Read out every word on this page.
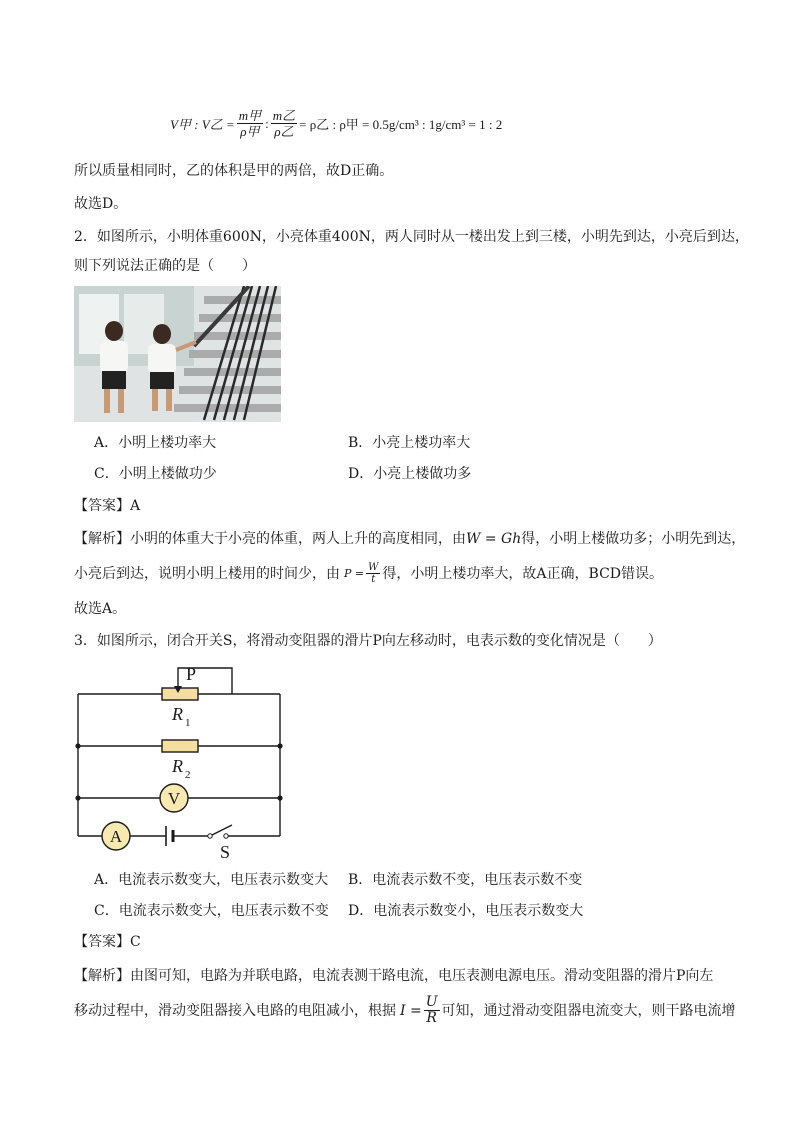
V甲 : V乙 = $\frac{\text{m甲}}{\text{ρ甲}}$ : $\frac{\text{m乙}}{\text{ρ乙}} = \rho$乙 : ρ甲 = 0.5g/cm³ : 1g/cm³ = 1 : 2
所以质量相同时，乙的体积是甲的两倍，故D正确。
故选D。
2．如图所示，小明体重600N，小亮体重400N，两人同时从一楼出发上到三楼，小明先到达，小亮后到达，
则下列说法正确的是（　　）
A．小明上楼功率大	B．小亮上楼功率大
C．小明上楼做功少	D．小亮上楼做功多
【答案】A
【解析】小明的体重大于小亮的体重，两人上升的高度相同，由W = Gh得，小明上楼做功多；小明先到达，
小亮后到达，说明小明上楼用的时间少，由 $P = \frac{W}{t}$ 得，小明上楼功率大，故A正确，BCD错误。
故选A。
3．如图所示，闭合开关S，将滑动变阻器的滑片P向左移动时，电表示数的变化情况是（　　）
P
R 1
R 2
V
A
S
A．电流表示数变大，电压表示数变大 B．电流表示数不变，电压表示数不变
C．电流表示数变大，电压表示数不变 D．电流表示数变小，电压表示数变大
【答案】C
【解析】由图可知，电路为并联电路，电流表测干路电流，电压表测电源电压。滑动变阻器的滑片P向左
移动过程中，滑动变阻器接入电路的电阻减小，根据 $I = \frac{U}{R}$ 可知，通过滑动变阻器电流变大，则干路电流增
